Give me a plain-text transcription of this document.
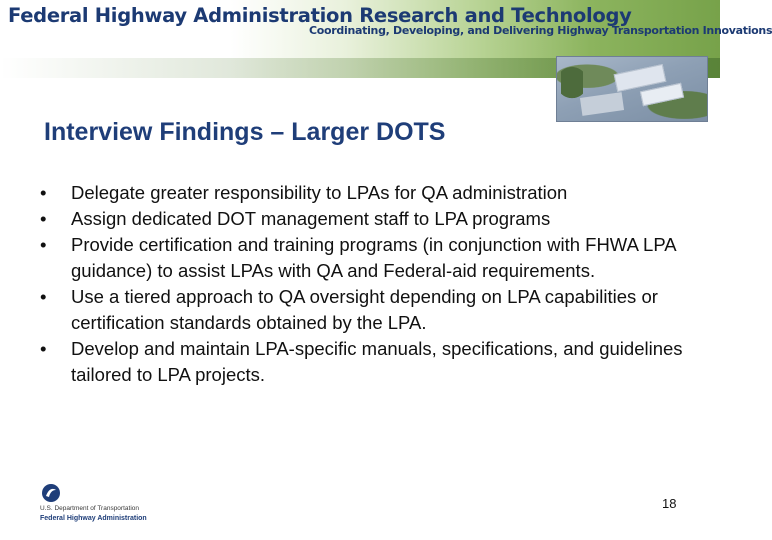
Federal Highway Administration Research and Technology
Coordinating, Developing, and Delivering Highway Transportation Innovations
Interview Findings – Larger DOTS
•	Delegate greater responsibility to LPAs for QA administration
•	Assign dedicated DOT management staff to LPA programs
•	Provide certification and training programs (in conjunction with FHWA LPA guidance) to assist LPAs with QA and Federal-aid requirements.
•	Use a tiered approach to QA oversight depending on LPA capabilities or certification standards obtained by the LPA.
•	Develop and maintain LPA-specific manuals, specifications, and guidelines tailored to LPA projects.
U.S. Department of Transportation
Federal Highway Administration
18
